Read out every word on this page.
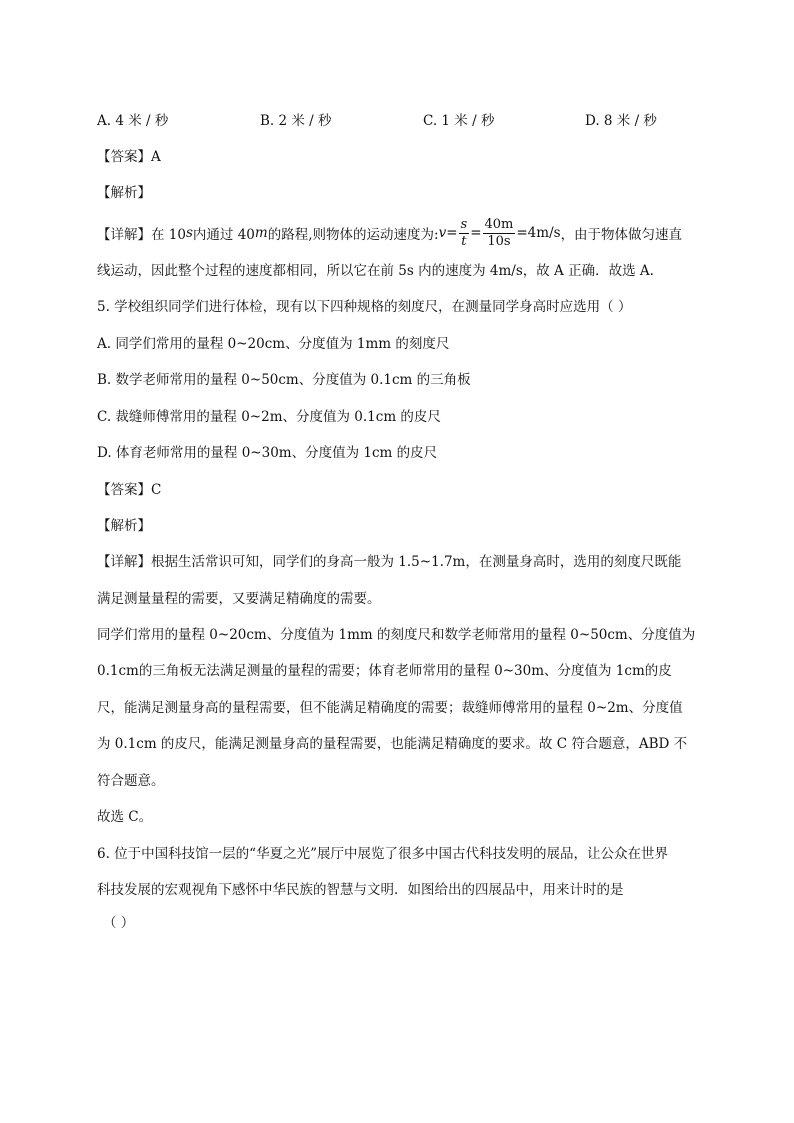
A. 4 米 / 秒	B. 2 米 / 秒	C. 1 米 / 秒	D. 8 米 / 秒
【答案】A
【解析】
【详解】在 10 s 内通过 40 m 的路程,则物体的运动速度为: $v = \frac{s}{t} = \frac{40m}{10s} =4m/s$ ，由于物体做匀速直
线运动，因此整个过程的速度都相同，所以它在前 5s 内的速度为 4m/s，故 A 正确．故选 A.
5. 学校组织同学们进行体检，现有以下四种规格的刻度尺，在测量同学身高时应选用（ ）
A. 同学们常用的量程 0~20cm、分度值为 1mm 的刻度尺
B. 数学老师常用的量程 0~50cm、分度值为 0.1cm 的三角板
C. 裁缝师傅常用的量程 0~2m、分度值为 0.1cm 的皮尺
D. 体育老师常用的量程 0~30m、分度值为 1cm 的皮尺
【答案】C
【解析】
【详解】根据生活常识可知，同学们的身高一般为 1.5~1.7m，在测量身高时，选用的刻度尺既能
满足测量量程的需要，又要满足精确度的需要。
同学们常用的量程 0~20cm、分度值为 1mm 的刻度尺和数学老师常用的量程 0~50cm、分度值为
0.1cm的三角板无法满足测量的量程的需要；体育老师常用的量程 0~30m、分度值为 1cm的皮
尺，能满足测量身高的量程需要，但不能满足精确度的需要；裁缝师傅常用的量程 0~2m、分度值
为 0.1cm 的皮尺，能满足测量身高的量程需要，也能满足精确度的要求。故 C 符合题意，ABD 不
符合题意。
故选 C。
6. 位于中国科技馆一层的“华夏之光”展厅中展览了很多中国古代科技发明的展品，让公众在世界
科技发展的宏观视角下感怀中华民族的智慧与文明．如图给出的四展品中，用来计时的是
（ ）
